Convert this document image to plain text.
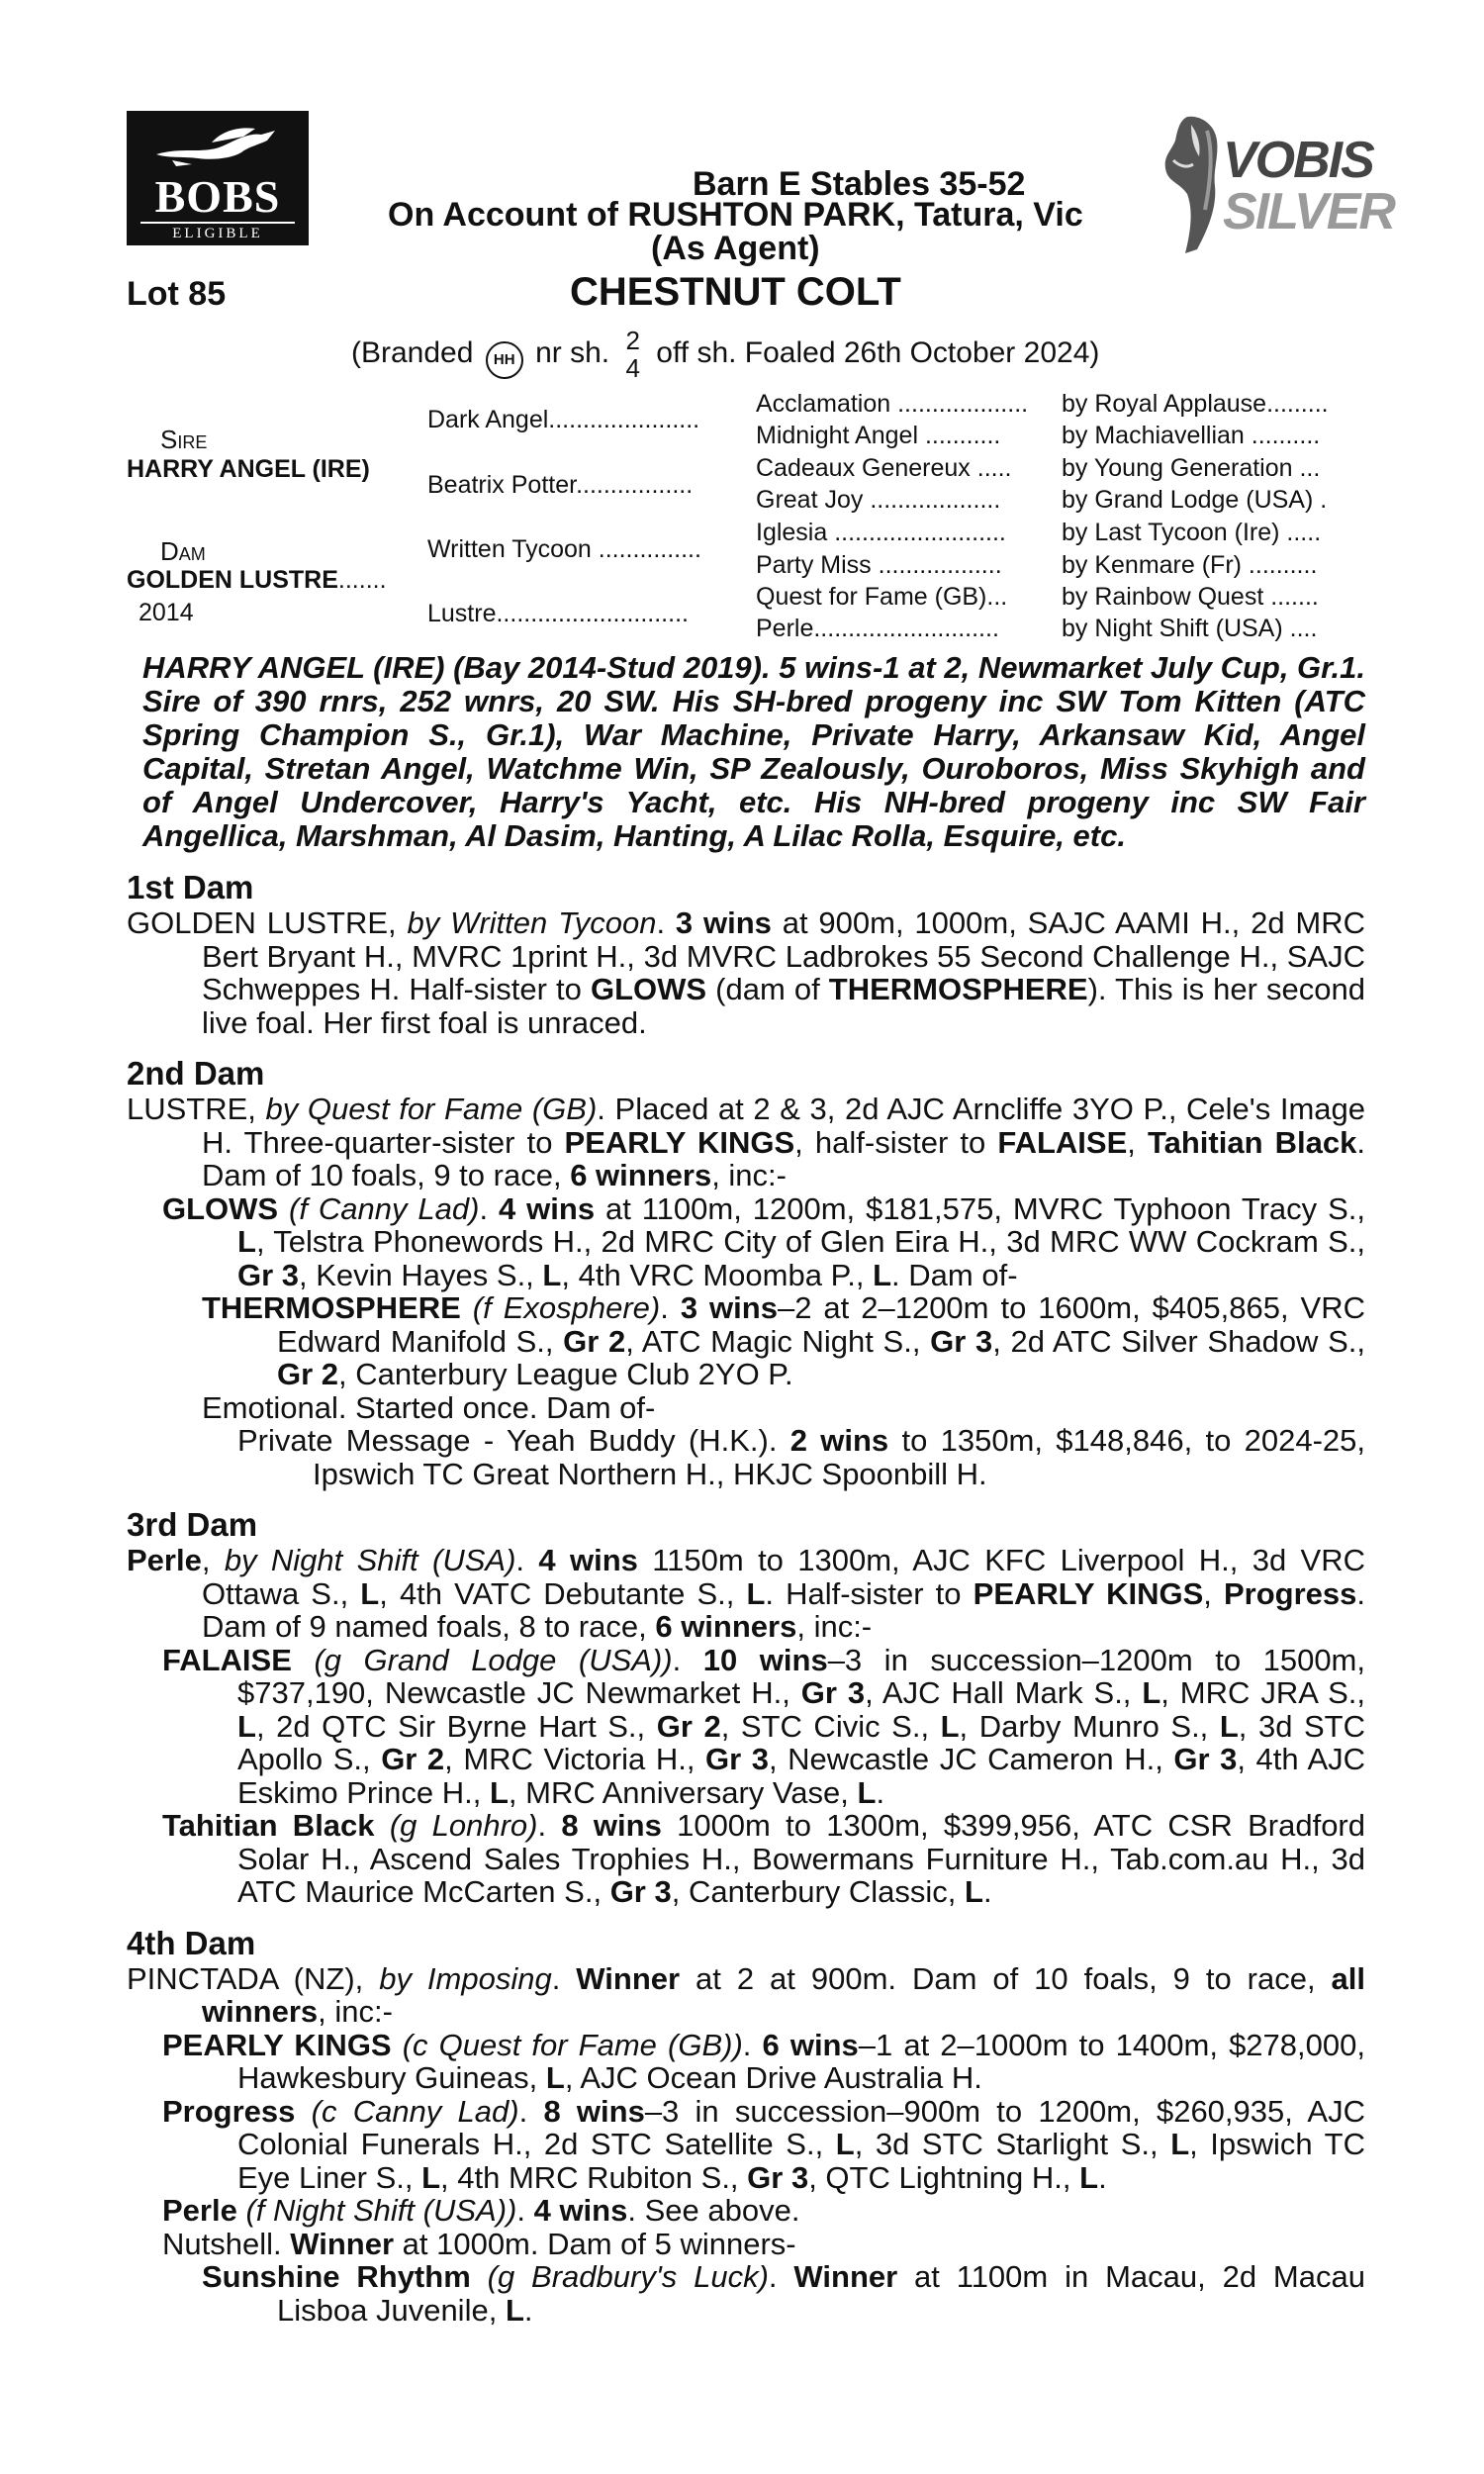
BOBS
ELIGIBLE
VOBIS
SILVER
Barn E Stables 35-52
On Account of RUSHTON PARK, Tatura, Vic
(As Agent)
Lot 85	CHESTNUT COLT
(Branded HH nr sh. 2
4 off sh. Foaled 26th October 2024)
Sire
HARRY ANGEL (IRE)
Dam
GOLDEN LUSTRE.......
2014
Dark Angel......................
Beatrix Potter.................
Written Tycoon ...............
Lustre............................
Acclamation ................... by Royal Applause.........
Midnight Angel ........... by Machiavellian ..........
Cadeaux Genereux ..... by Young Generation ...
Great Joy ................... by Grand Lodge (USA) .
Iglesia ......................... by Last Tycoon (Ire) .....
Party Miss .................. by Kenmare (Fr) ..........
Quest for Fame (GB)... by Rainbow Quest .......
Perle...........................	by Night Shift (USA) ....

HARRY ANGEL (IRE) (Bay 2014-Stud 2019). 5 wins-1 at 2, Newmarket July Cup, Gr.1. Sire of 390 rnrs, 252 wnrs, 20 SW. His SH-bred progeny inc SW Tom Kitten (ATC Spring Champion S., Gr.1), War Machine, Private Harry, Arkansaw Kid, Angel Capital, Stretan Angel, Watchme Win, SP Zealously, Ouroboros, Miss Skyhigh and of Angel Undercover, Harry's Yacht, etc. His NH-bred progeny inc SW Fair Angellica, Marshman, Al Dasim, Hanting, A Lilac Rolla, Esquire, etc.

1st Dam

GOLDEN LUSTRE, by Written Tycoon. 3 wins at 900m, 1000m, SAJC AAMI H., 2d MRC Bert Bryant H., MVRC 1print H., 3d MVRC Ladbrokes 55 Second Challenge H., SAJC Schweppes H. Half-sister to GLOWS (dam of THERMOSPHERE). This is her second live foal. Her first foal is unraced.

2nd Dam

LUSTRE, by Quest for Fame (GB). Placed at 2 & 3, 2d AJC Arncliffe 3YO P., Cele's Image H. Three-quarter-sister to PEARLY KINGS, half-sister to FALAISE, Tahitian Black. Dam of 10 foals, 9 to race, 6 winners, inc:-

GLOWS (f Canny Lad). 4 wins at 1100m, 1200m, $181,575, MVRC Typhoon Tracy S., L, Telstra Phonewords H., 2d MRC City of Glen Eira H., 3d MRC WW Cockram S., Gr 3, Kevin Hayes S., L, 4th VRC Moomba P., L. Dam of-

THERMOSPHERE (f Exosphere). 3 wins–2 at 2–1200m to 1600m, $405,865, VRC Edward Manifold S., Gr 2, ATC Magic Night S., Gr 3, 2d ATC Silver Shadow S., Gr 2, Canterbury League Club 2YO P.

Emotional. Started once. Dam of-

Private Message - Yeah Buddy (H.K.). 2 wins to 1350m, $148,846, to 2024-25, Ipswich TC Great Northern H., HKJC Spoonbill H.

3rd Dam

Perle, by Night Shift (USA). 4 wins 1150m to 1300m, AJC KFC Liverpool H., 3d VRC Ottawa S., L, 4th VATC Debutante S., L. Half-sister to PEARLY KINGS, Progress. Dam of 9 named foals, 8 to race, 6 winners, inc:-

FALAISE (g Grand Lodge (USA)). 10 wins–3 in succession–1200m to 1500m, $737,190, Newcastle JC Newmarket H., Gr 3, AJC Hall Mark S., L, MRC JRA S., L, 2d QTC Sir Byrne Hart S., Gr 2, STC Civic S., L, Darby Munro S., L, 3d STC Apollo S., Gr 2, MRC Victoria H., Gr 3, Newcastle JC Cameron H., Gr 3, 4th AJC Eskimo Prince H., L, MRC Anniversary Vase, L.

Tahitian Black (g Lonhro). 8 wins 1000m to 1300m, $399,956, ATC CSR Bradford Solar H., Ascend Sales Trophies H., Bowermans Furniture H., Tab.com.au H., 3d ATC Maurice McCarten S., Gr 3, Canterbury Classic, L.

4th Dam

PINCTADA (NZ), by Imposing. Winner at 2 at 900m. Dam of 10 foals, 9 to race, all winners, inc:-

PEARLY KINGS (c Quest for Fame (GB)). 6 wins–1 at 2–1000m to 1400m, $278,000, Hawkesbury Guineas, L, AJC Ocean Drive Australia H.

Progress (c Canny Lad). 8 wins–3 in succession–900m to 1200m, $260,935, AJC Colonial Funerals H., 2d STC Satellite S., L, 3d STC Starlight S., L, Ipswich TC Eye Liner S., L, 4th MRC Rubiton S., Gr 3, QTC Lightning H., L.

Perle (f Night Shift (USA)). 4 wins. See above.

Nutshell. Winner at 1000m. Dam of 5 winners-

Sunshine Rhythm (g Bradbury's Luck). Winner at 1100m in Macau, 2d Macau Lisboa Juvenile, L.
